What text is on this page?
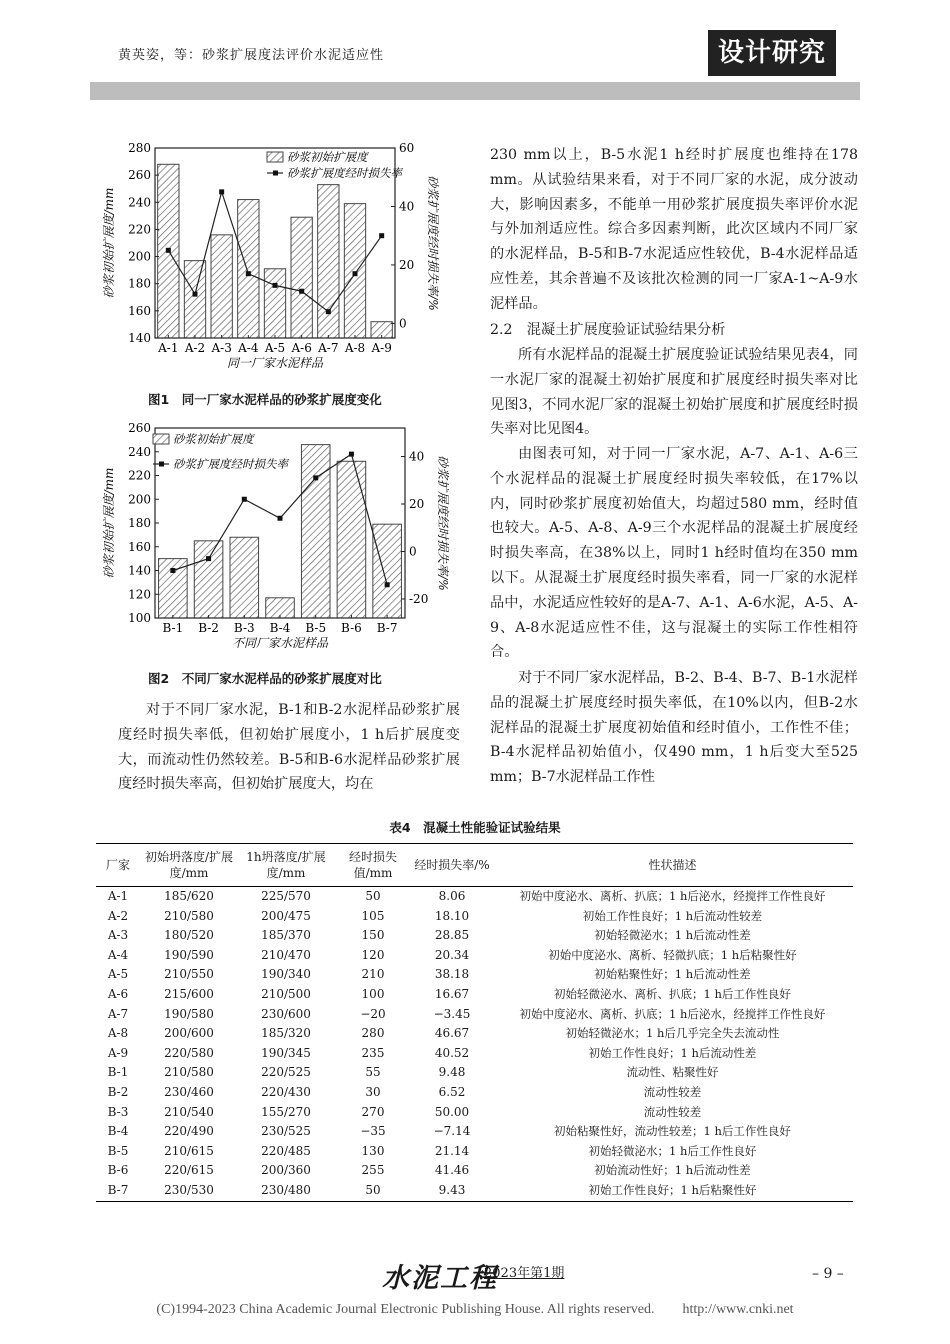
黄英姿，等：砂浆扩展度法评价水泥适应性	设计研究
140
160
180
200
220
240
260
280
0
20
40
60
A-1 A-2 A-3 A-4 A-5 A-6 A-7 A-8 A-9
同一厂家水泥样品
砂浆初始扩展度/mm	砂浆扩展度经时损失率/%
砂浆初始扩展度
砂浆扩展度经时损失率
图1　同一厂家水泥样品的砂浆扩展度变化
100
120
140
160
180
200
220
240
260
-20
0
20
40
B-1 B-2 B-3 B-4 B-5 B-6 B-7
不同厂家水泥样品
砂浆初始扩展度/mm	砂浆扩展度经时损失率/%
砂浆初始扩展度
砂浆扩展度经时损失率
图2　不同厂家水泥样品的砂浆扩展度对比

对于不同厂家水泥，B-1和B-2水泥样品砂浆扩展度经时损失率低，但初始扩展度小，1 h后扩展度变大，而流动性仍然较差。B-5和B-6水泥样品砂浆扩展度经时损失率高，但初始扩展度大，均在

230 mm以上，B-5水泥1 h经时扩展度也维持在178 mm。从试验结果来看，对于不同厂家的水泥，成分波动大，影响因素多，不能单一用砂浆扩展度损失率评价水泥与外加剂适应性。综合多因素判断，此次区域内不同厂家的水泥样品，B-5和B-7水泥适应性较优，B-4水泥样品适应性差，其余普遍不及该批次检测的同一厂家A-1~A-9水泥样品。

2.2　混凝土扩展度验证试验结果分析

所有水泥样品的混凝土扩展度验证试验结果见表4，同一水泥厂家的混凝土初始扩展度和扩展度经时损失率对比见图3，不同水泥厂家的混凝土初始扩展度和扩展度经时损失率对比见图4。

由图表可知，对于同一厂家水泥，A-7、A-1、A-6三个水泥样品的混凝土扩展度经时损失率较低，在17%以内，同时砂浆扩展度初始值大，均超过580 mm，经时值也较大。A-5、A-8、A-9三个水泥样品的混凝土扩展度经时损失率高，在38%以上，同时1 h经时值均在350 mm以下。从混凝土扩展度经时损失率看，同一厂家的水泥样品中，水泥适应性较好的是A-7、A-1、A-6水泥，A-5、A-9、A-8水泥适应性不佳，这与混凝土的实际工作性相符合。

对于不同厂家水泥样品，B-2、B-4、B-7、B-1水泥样品的混凝土扩展度经时损失率低，在10%以内，但B-2水泥样品的混凝土扩展度初始值和经时值小，工作性不佳；B-4水泥样品初始值小，仅490 mm，1 h后变大至525 mm；B-7水泥样品工作性

表4　混凝土性能验证试验结果
厂家	初始坍落度/扩展度/mm	1h坍落度/扩展度/mm	经时损失值/mm	经时损失率/%	性状描述
A-1	185/620	225/570	50	8.06	初始中度泌水、离析、扒底；1 h后泌水，经搅拌工作性良好
A-2	210/580	200/475	105	18.10	初始工作性良好；1 h后流动性较差
A-3	180/520	185/370	150	28.85	初始轻微泌水；1 h后流动性差
A-4	190/590	210/470	120	20.34	初始中度泌水、离析、轻微扒底；1 h后粘聚性好
A-5	210/550	190/340	210	38.18	初始粘聚性好；1 h后流动性差
A-6	215/600	210/500	100	16.67	初始轻微泌水、离析、扒底；1 h后工作性良好
A-7	190/580	230/600	−20	−3.45	初始中度泌水、离析、扒底；1 h后泌水，经搅拌工作性良好
A-8	200/600	185/320	280	46.67	初始轻微泌水；1 h后几乎完全失去流动性
A-9	220/580	190/345	235	40.52	初始工作性良好；1 h后流动性差
B-1	210/580	220/525	55	9.48	流动性、粘聚性好
B-2	230/460	220/430	30	6.52	流动性较差
B-3	210/540	155/270	270	50.00	流动性较差
B-4	220/490	230/525	−35	−7.14	初始粘聚性好，流动性较差；1 h后工作性良好
B-5	210/615	220/485	130	21.14	初始轻微泌水；1 h后工作性良好
B-6	220/615	200/360	255	41.46	初始流动性好；1 h后流动性差
B-7	230/530	230/480	50	9.43	初始工作性良好；1 h后粘聚性好
水泥工程
2023年第1期	– 9 –
(C)1994-2023 China Academic Journal Electronic Publishing House. All rights reserved.　　http://www.cnki.net
